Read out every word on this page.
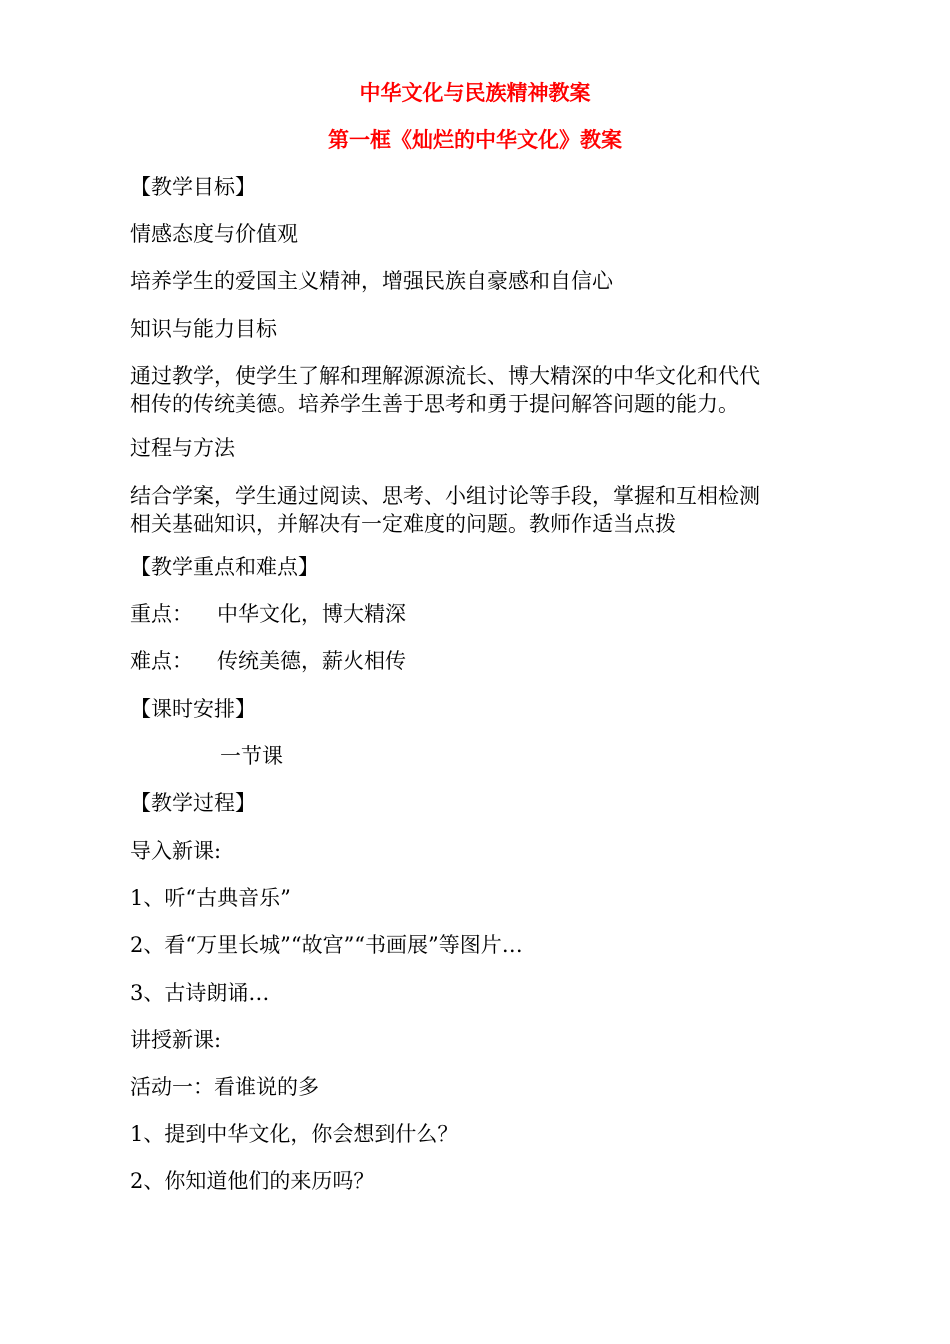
中华文化与民族精神教案
第一框《灿烂的中华文化》教案
【教学目标】
情感态度与价值观
培养学生的爱国主义精神，增强民族自豪感和自信心
知识与能力目标
通过教学，使学生了解和理解源源流长、博大精深的中华文化和代代
相传的传统美德。培养学生善于思考和勇于提问解答问题的能力。
过程与方法
结合学案，学生通过阅读、思考、小组讨论等手段，掌握和互相检测
相关基础知识，并解决有一定难度的问题。教师作适当点拨
【教学重点和难点】
重点： 中华文化，博大精深
难点： 传统美德，薪火相传
【课时安排】
一节课
【教学过程】
导入新课:
1、听“古典音乐”
2、看“万里长城”“故宫”“书画展”等图片…
3、古诗朗诵…
讲授新课:
活动一：看谁说的多
1、提到中华文化，你会想到什么？
2、你知道他们的来历吗？
